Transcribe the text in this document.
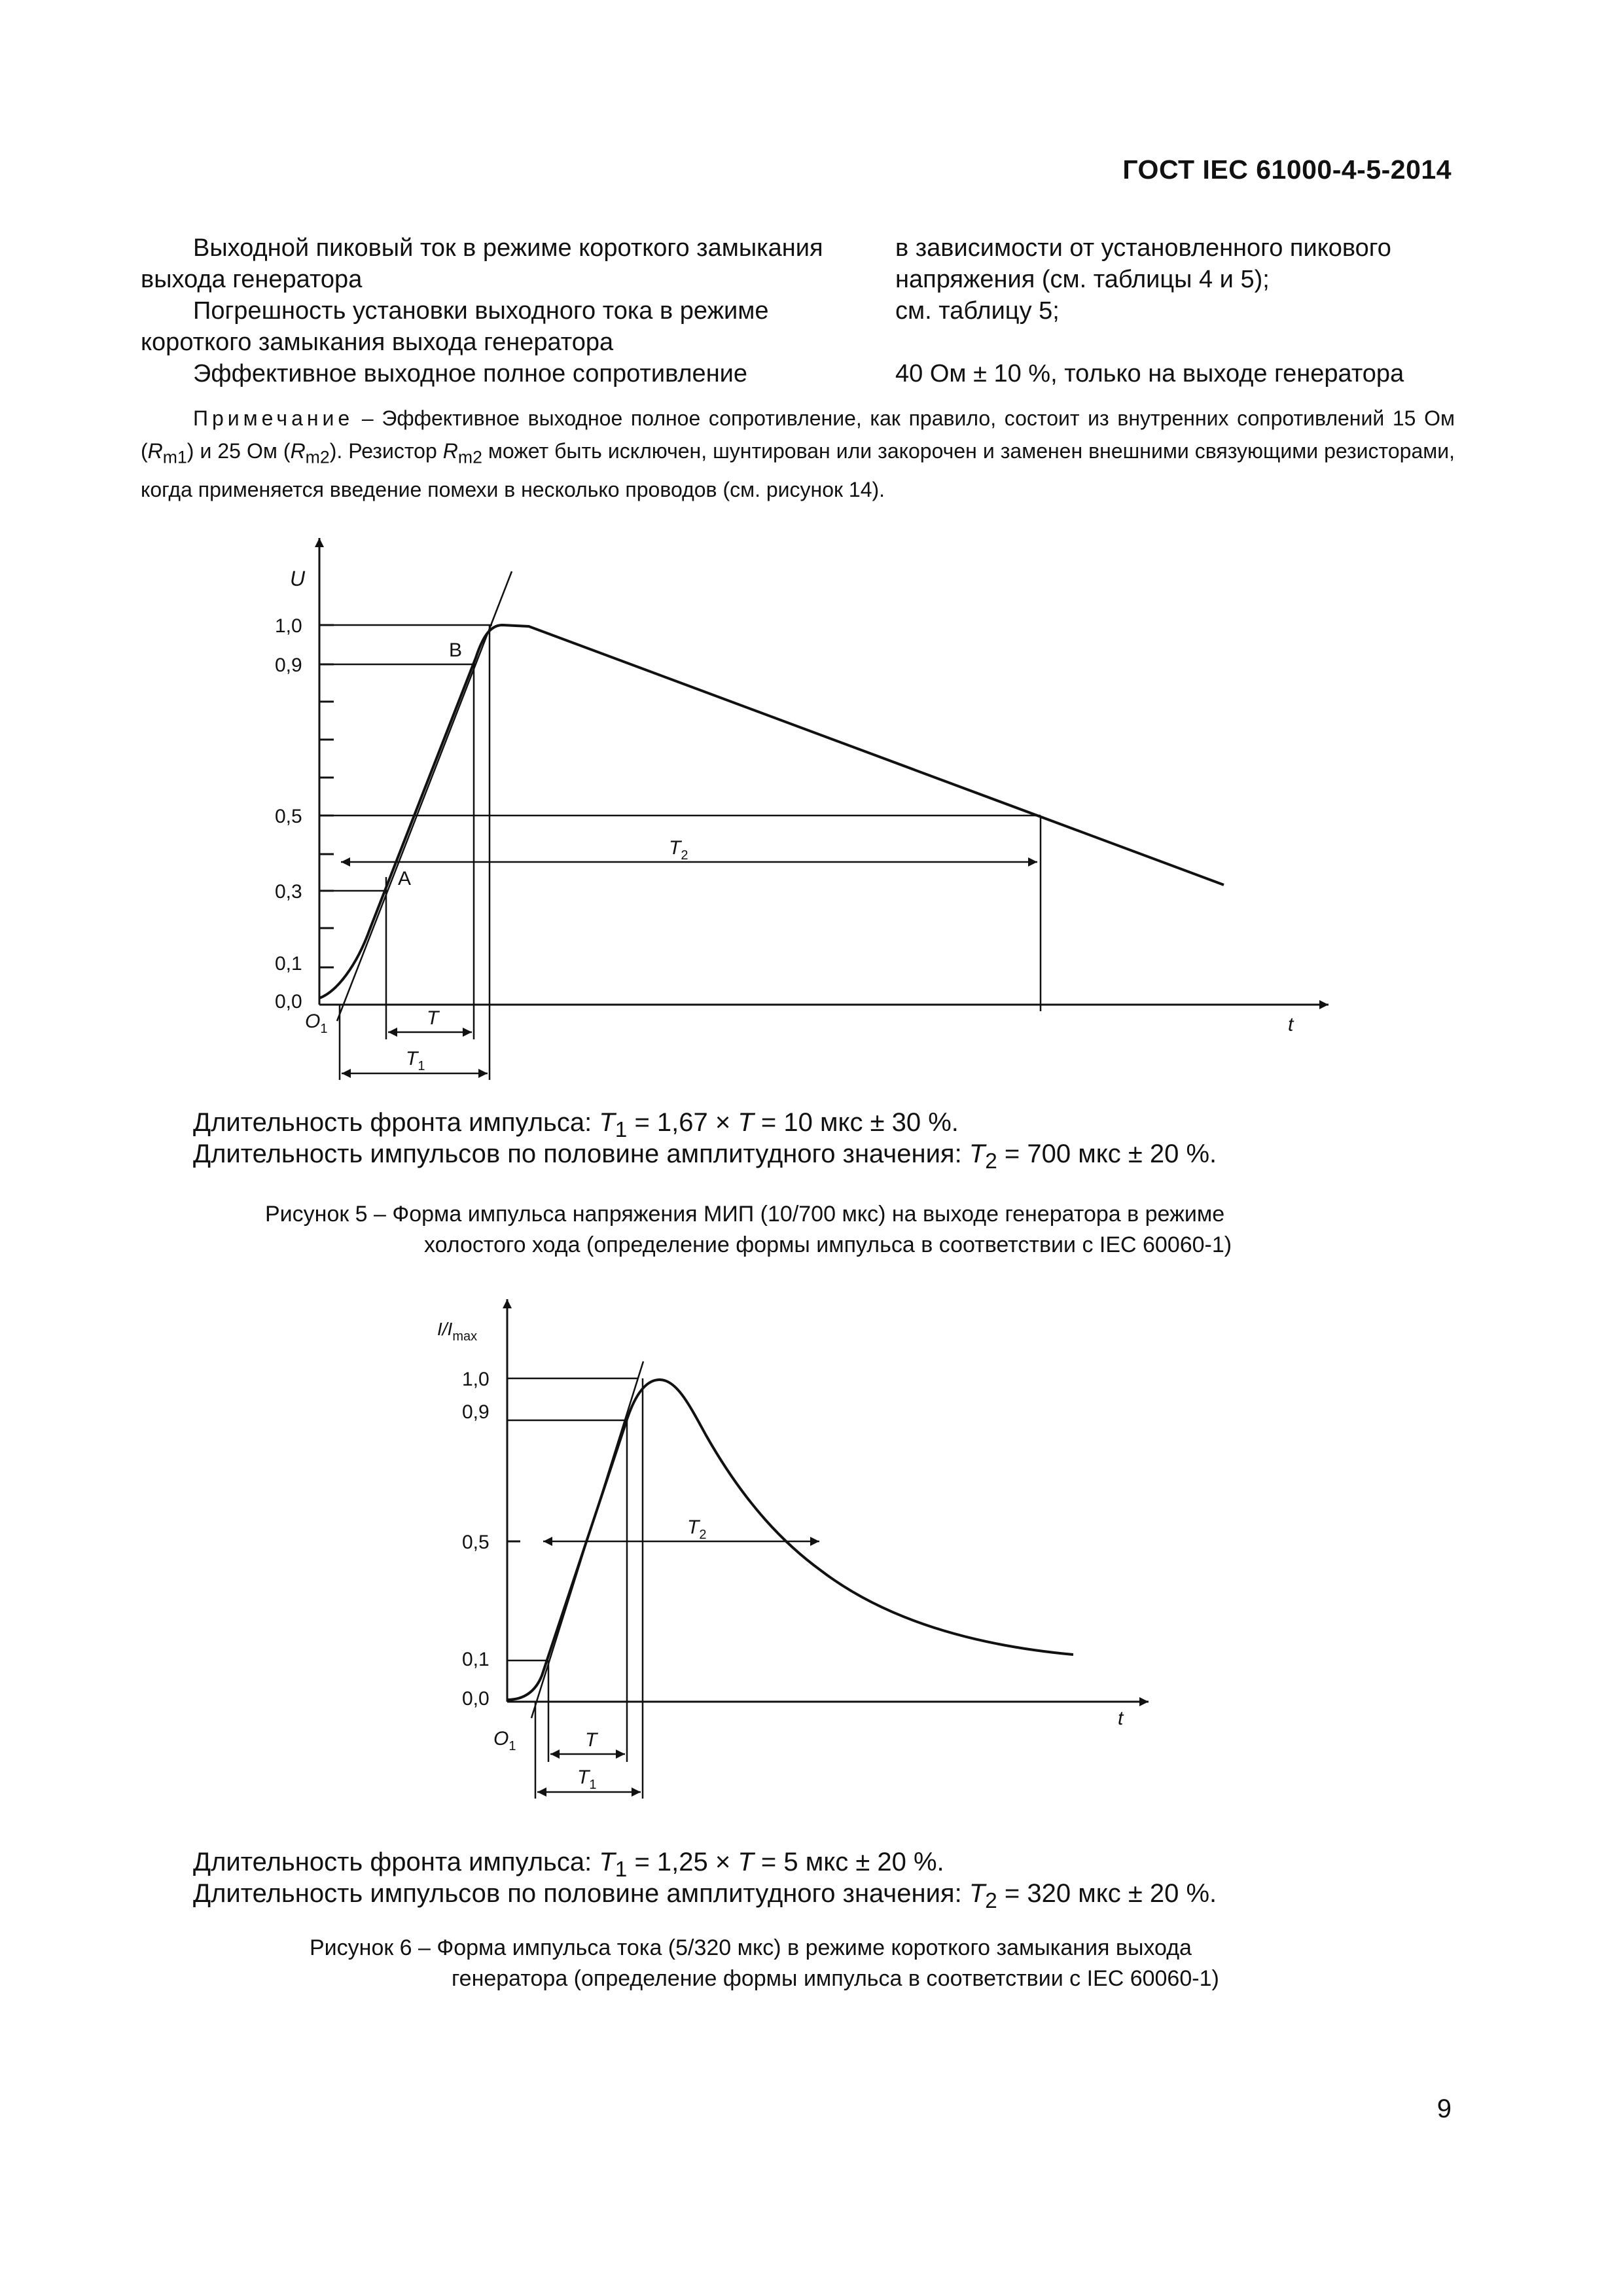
ГОСТ IEC 61000-4-5-2014
Выходной пиковый ток в режиме короткого замыкания
выхода генератора
в зависимости от установленного пикового
напряжения (см. таблицы 4 и 5);
Погрешность установки выходного тока в режиме
короткого замыкания выхода генератора
см. таблицу 5;
Эффективное выходное полное сопротивление	40 Ом ± 10 %, только на выходе генератора
Примечание – Эффективное выходное полное сопротивление, как правило, состоит из внутренних сопротивлений 15 Ом $(R_{m1})$ и 25 Ом $(R_{m2})$. Резистор $R_{m2}$ может быть исключен, шунтирован или закорочен и заменен внешними связующими резисторами, когда применяется введение помехи в несколько проводов (см. рисунок 14).
U
1,0
0,9
0,5
0,3
0,1
0,0
B
A
t
$O_1$
$T_2$
T
$T_1$
Длительность фронта импульса: $T_1 = 1,67 \times T = 10$ мкс ± 30 %.
Длительность импульсов по половине амплитудного значения: $T_2 = 700$ мкс ± 20 %.
Рисунок 5 – Форма импульса напряжения МИП (10/700 мкс) на выходе генератора в режиме
холостого хода (определение формы импульса в соответствии с IEC 60060-1)
$I/I_{max}$
1,0
0,9
0,5
0,1
0,0
t
$O_1$
$T_2$
T
$T_1$
Длительность фронта импульса: $T_1 = 1,25 \times T = 5$ мкс ± 20 %.
Длительность импульсов по половине амплитудного значения: $T_2 = 320$ мкс ± 20 %.
Рисунок 6 – Форма импульса тока (5/320 мкс) в режиме короткого замыкания выхода
генератора (определение формы импульса в соответствии с IEC 60060-1)
9
